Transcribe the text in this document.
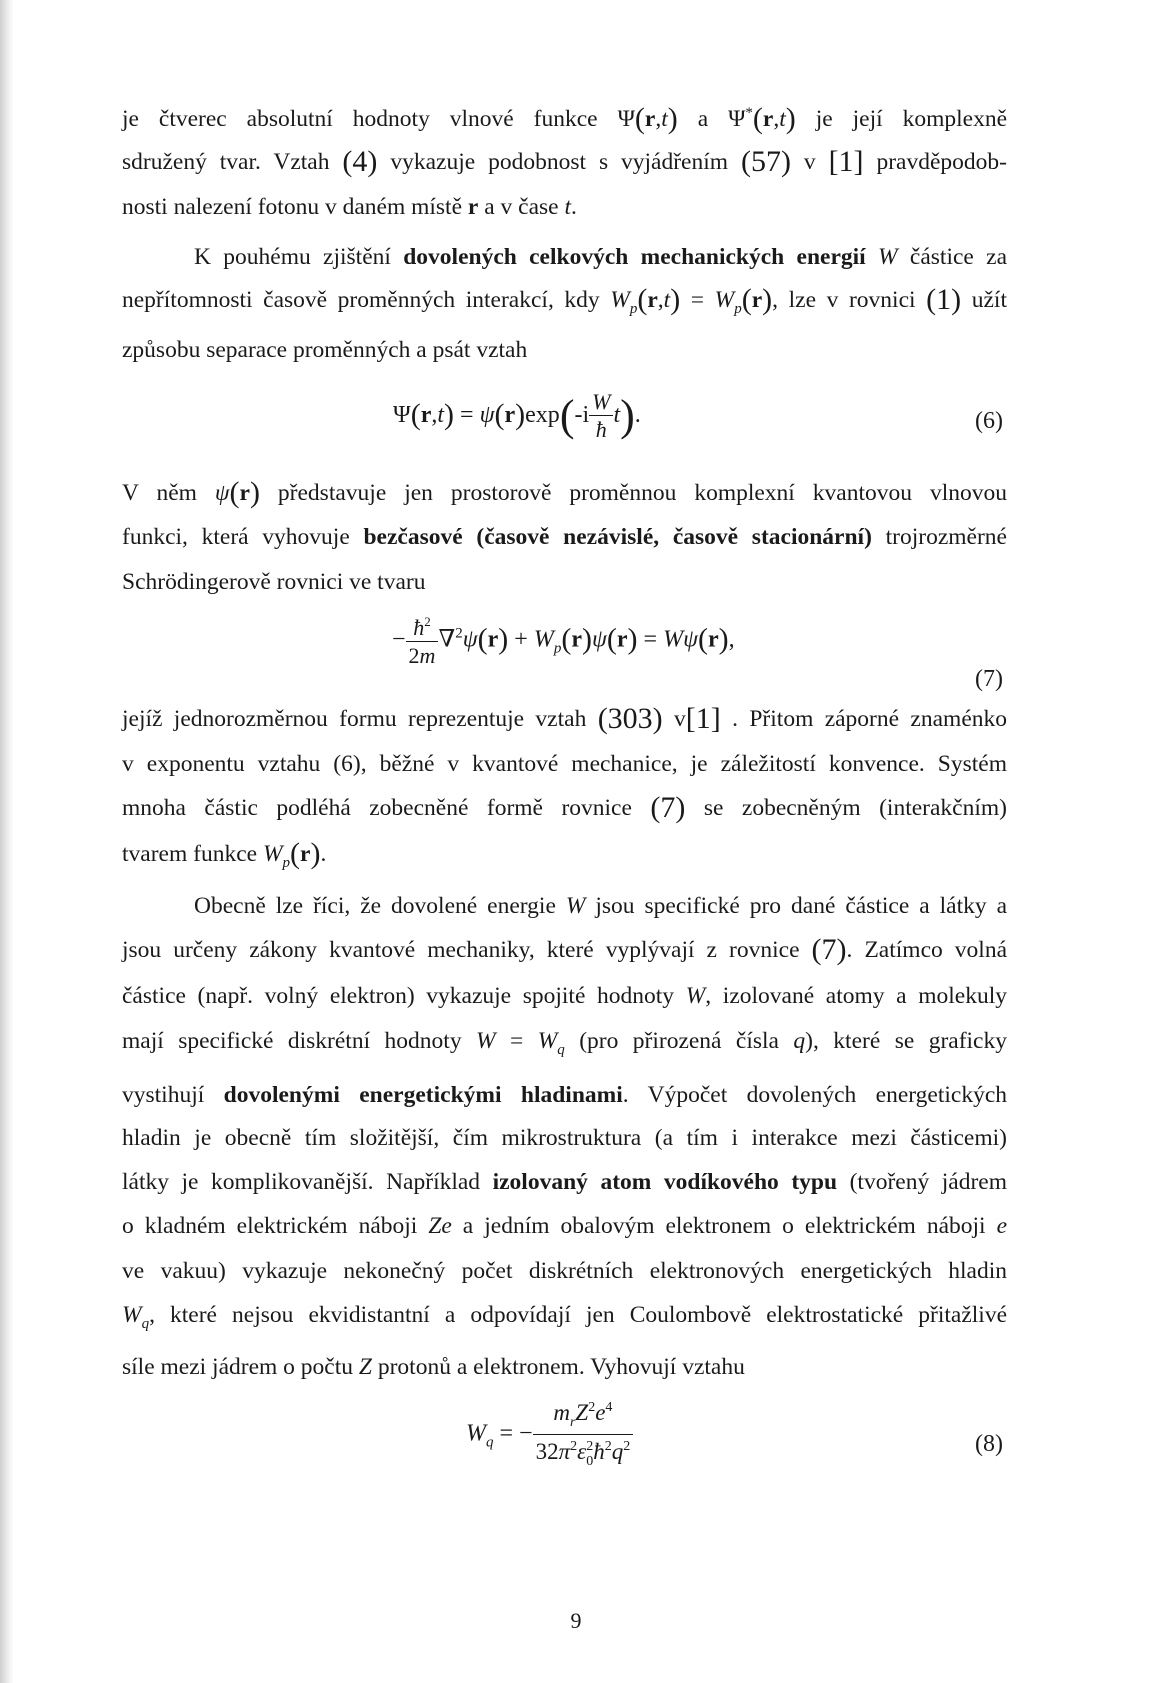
je čtverec absolutní hodnoty vlnové funkce Ψ(r,t) a Ψ*(r,t) je její komplexně
sdružený tvar. Vztah (4) vykazuje podobnost s vyjádřením (57) v [1] pravděpodob-
nosti nalezení fotonu v daném místě r a v čase t.
K pouhému zjištění dovolených celkových mechanických energií W částice za
nepřítomnosti časově proměnných interakcí, kdy $W_p(r,t) = W_p(r)$, lze v rovnici (1) užít
způsobu separace proměnných a psát vztah
$\Psi(r,t) = \psi(r)\exp(-i \frac{W}{ħ} t)$.	(6)
V něm ψ(r) představuje jen prostorově proměnnou komplexní kvantovou vlnovou
funkci, která vyhovuje bezčasové (časově nezávislé, časově stacionární) trojrozměrné
Schrödingerově rovnici ve tvaru
− $\frac{ħ^2}{2m} \nabla^2\psi(r) + W_p(r)\psi(r) = W\psi(r)$,
(7)
jejíž jednorozměrnou formu reprezentuje vztah (303) v[1] . Přitom záporné znaménko
v exponentu vztahu (6), běžné v kvantové mechanice, je záležitostí konvence. Systém
mnoha částic podléhá zobecněné formě rovnice (7) se zobecněným (interakčním)
tvarem funkce $W_p(r)$.
Obecně lze říci, že dovolené energie W jsou specifické pro dané částice a látky a
jsou určeny zákony kvantové mechaniky, které vyplývají z rovnice (7). Zatímco volná
částice (např. volný elektron) vykazuje spojité hodnoty W, izolované atomy a molekuly
mají specifické diskrétní hodnoty $W = W_q$ (pro přirozená čísla q), které se graficky
vystihují dovolenými energetickými hladinami. Výpočet dovolených energetických
hladin je obecně tím složitější, čím mikrostruktura (a tím i interakce mezi částicemi)
látky je komplikovanější. Například izolovaný atom vodíkového typu (tvořený jádrem
o kladném elektrickém náboji Ze a jedním obalovým elektronem o elektrickém náboji e
ve vakuu) vykazuje nekonečný počet diskrétních elektronových energetických hladin
$W_q$, které nejsou ekvidistantní a odpovídají jen Coulombově elektrostatické přitažlivé
síle mezi jádrem o počtu Z protonů a elektronem. Vyhovují vztahu
$W_q$ = − $\frac{m_rZ^2e^4}{32\pi^2\varepsilon_0^2ħ^2q^2}$	(8)
9
